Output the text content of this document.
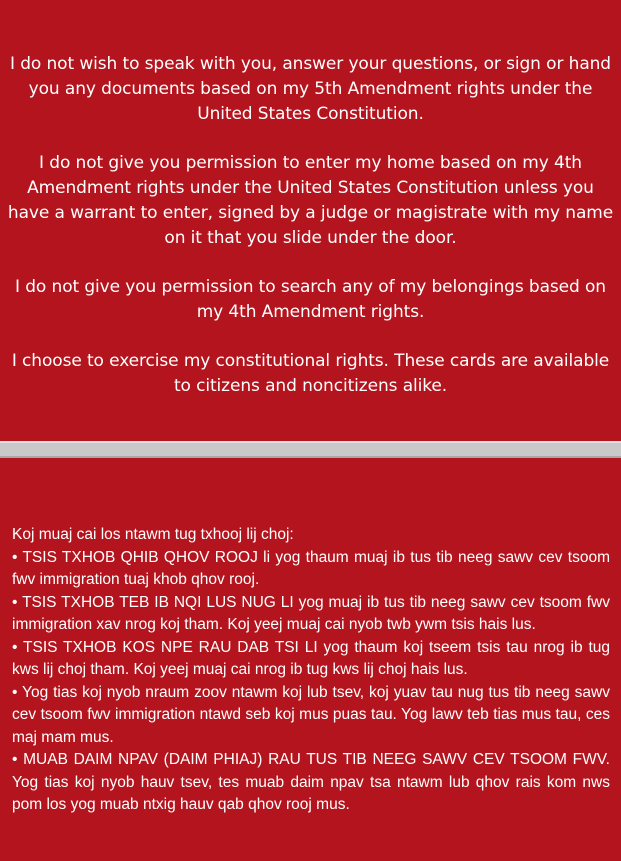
I do not wish to speak with you, answer your questions, or sign or hand you any documents based on my 5th Amendment rights under the United States Constitution.

I do not give you permission to enter my home based on my 4th Amendment rights under the United States Constitution unless you have a warrant to enter, signed by a judge or magistrate with my name on it that you slide under the door.

I do not give you permission to search any of my belongings based on my 4th Amendment rights.

I choose to exercise my constitutional rights. These cards are available to citizens and noncitizens alike.

Koj muaj cai los ntawm tug txhooj lij choj:

• TSIS TXHOB QHIB QHOV ROOJ li yog thaum muaj ib tus tib neeg sawv cev tsoom fwv immigration tuaj khob qhov rooj.

• TSIS TXHOB TEB IB NQI LUS NUG LI yog muaj ib tus tib neeg sawv cev tsoom fwv immigration xav nrog koj tham. Koj yeej muaj cai nyob twb ywm tsis hais lus.

• TSIS TXHOB KOS NPE RAU DAB TSI LI yog thaum koj tseem tsis tau nrog ib tug kws lij choj tham. Koj yeej muaj cai nrog ib tug kws lij choj hais lus.

• Yog tias koj nyob nraum zoov ntawm koj lub tsev, koj yuav tau nug tus tib neeg sawv cev tsoom fwv immigration ntawd seb koj mus puas tau. Yog lawv teb tias mus tau, ces maj mam mus.

• MUAB DAIM NPAV (DAIM PHIAJ) RAU TUS TIB NEEG SAWV CEV TSOOM FWV. Yog tias koj nyob hauv tsev, tes muab daim npav tsa ntawm lub qhov rais kom nws pom los yog muab ntxig hauv qab qhov rooj mus.
